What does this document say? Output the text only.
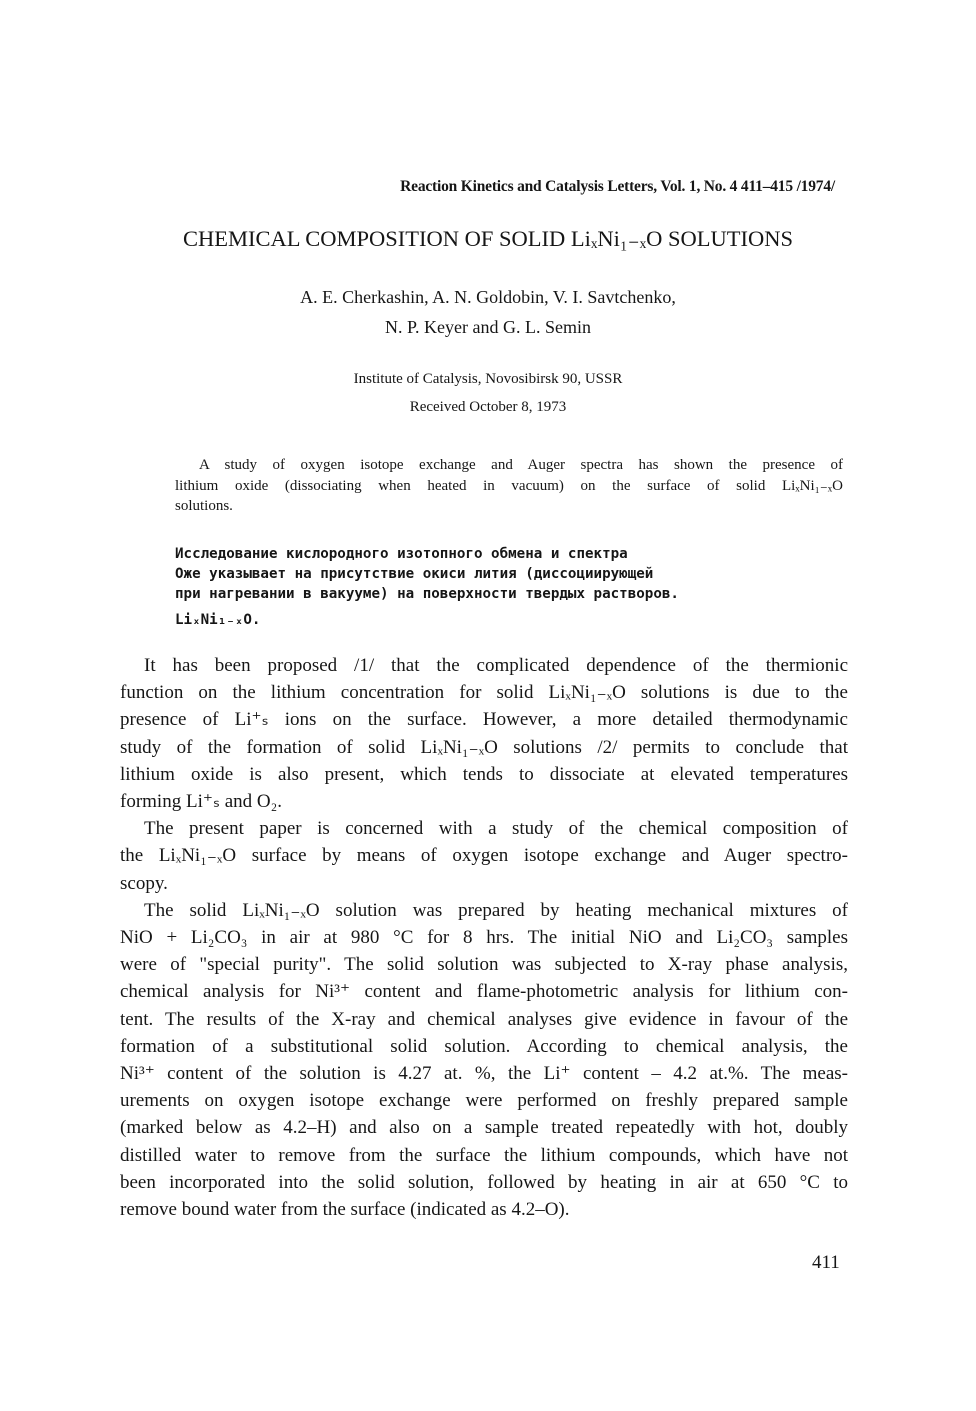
Reaction Kinetics and Catalysis Letters, Vol. 1, No. 4 411–415 /1974/
CHEMICAL COMPOSITION OF SOLID LiₓNi₁₋ₓO SOLUTIONS
A. E. Cherkashin, A. N. Goldobin, V. I. Savtchenko,
N. P. Keyer and G. L. Semin
Institute of Catalysis, Novosibirsk 90, USSR
Received October 8, 1973
A study of oxygen isotope exchange and Auger spectra has shown the presence of
lithium oxide (dissociating when heated in vacuum) on the surface of solid LiₓNi₁₋ₓO
solutions.
Исследование кислородного изотопного обмена и спектра
Оже указывает на присутствие окиси лития (диссоциирующей
при нагревании в вакууме) на поверхности твердых растворов.
LiₓNi₁₋ₓO.
It has been proposed /1/ that the complicated dependence of the thermionic
function on the lithium concentration for solid LiₓNi₁₋ₓO solutions is due to the
presence of Li⁺ₛ ions on the surface. However, a more detailed thermodynamic
study of the formation of solid LiₓNi₁₋ₓO solutions /2/ permits to conclude that
lithium oxide is also present, which tends to dissociate at elevated temperatures
forming Li⁺ₛ and O₂.
The present paper is concerned with a study of the chemical composition of
the LiₓNi₁₋ₓO surface by means of oxygen isotope exchange and Auger spectro-
scopy.
The solid LiₓNi₁₋ₓO solution was prepared by heating mechanical mixtures of
NiO + Li₂CO₃ in air at 980 °C for 8 hrs. The initial NiO and Li₂CO₃ samples
were of "special purity". The solid solution was subjected to X-ray phase analysis,
chemical analysis for Ni³⁺ content and flame-photometric analysis for lithium con-
tent. The results of the X-ray and chemical analyses give evidence in favour of the
formation of a substitutional solid solution. According to chemical analysis, the
Ni³⁺ content of the solution is 4.27 at. %, the Li⁺ content – 4.2 at.%. The meas-
urements on oxygen isotope exchange were performed on freshly prepared sample
(marked below as 4.2–H) and also on a sample treated repeatedly with hot, doubly
distilled water to remove from the surface the lithium compounds, which have not
been incorporated into the solid solution, followed by heating in air at 650 °C to
remove bound water from the surface (indicated as 4.2–O).
411
